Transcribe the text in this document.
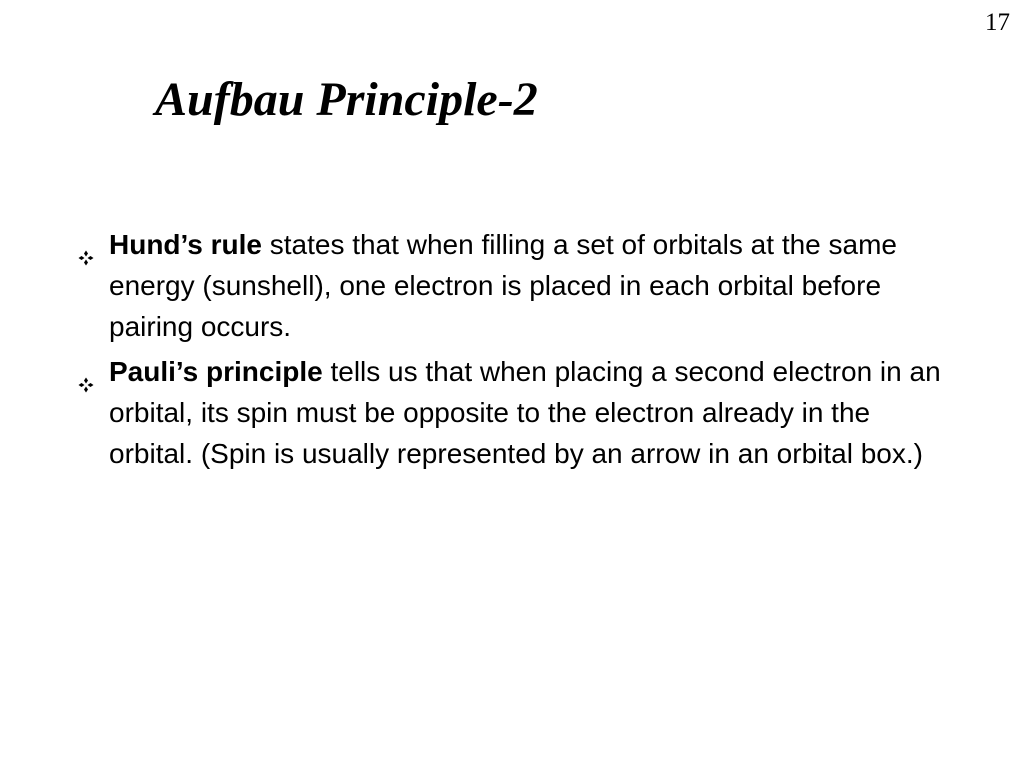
17
Aufbau Principle-2
Hund’s rule states that when filling a set of orbitals at the same energy (sunshell), one electron is placed in each orbital before pairing occurs.
Pauli’s principle tells us that when placing a second electron in an orbital, its spin must be opposite to the electron already in the orbital. (Spin is usually represented by an arrow in an orbital box.)
